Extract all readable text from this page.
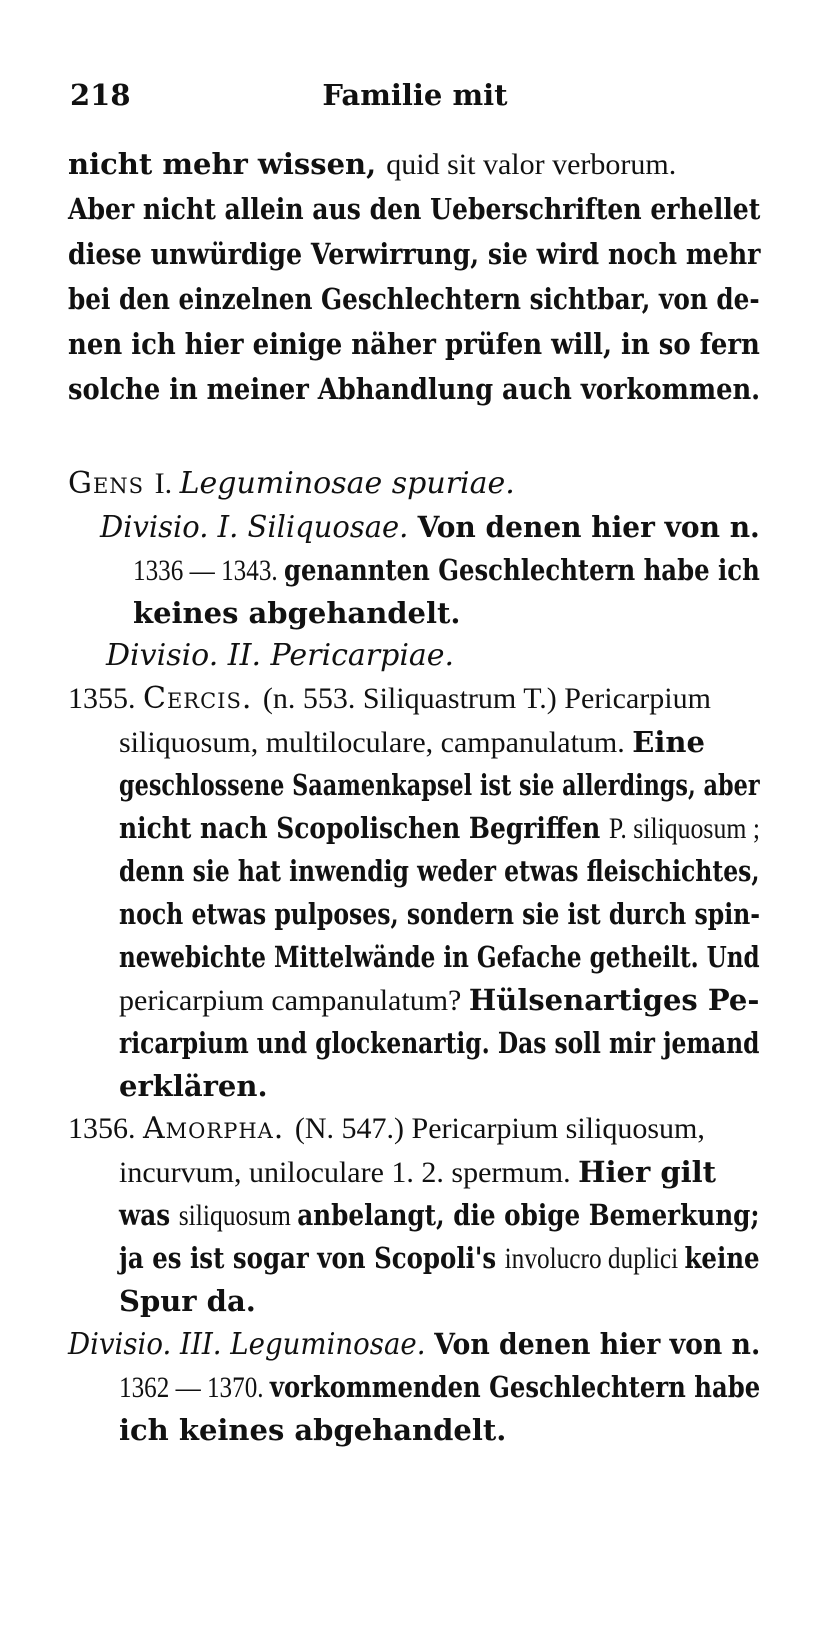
218	Familie mit
nicht mehr wissen, quid sit valor verborum.
Aber nicht allein aus den Ueberschriften erhellet
diese unwürdige Verwirrung, sie wird noch mehr
bei den einzelnen Geschlechtern sichtbar, von de-
nen ich hier einige näher prüfen will, in so fern
solche in meiner Abhandlung auch vorkommen.
Gens I. Leguminosae spuriae.
Divisio. I. Siliquosae. Von denen hier von n.
1336 — 1343. genannten Geschlechtern habe ich
keines abgehandelt.
Divisio. II. Pericarpiae.
1355. Cercis. (n. 553. Siliquastrum T.) Pericarpium
siliquosum, multiloculare, campanulatum. Eine
geschlossene Saamenkapsel ist sie allerdings, aber
nicht nach Scopolischen Begriffen P. siliquosum ;
denn sie hat inwendig weder etwas fleischichtes,
noch etwas pulposes, sondern sie ist durch spin-
newebichte Mittelwände in Gefache getheilt. Und
pericarpium campanulatum? Hülsenartiges Pe-
ricarpium und glockenartig. Das soll mir jemand
erklären.
1356. Amorpha. (N. 547.) Pericarpium siliquosum,
incurvum, uniloculare 1. 2. spermum. Hier gilt
was siliquosum anbelangt, die obige Bemerkung;
ja es ist sogar von Scopoli's involucro duplici keine
Spur da.
Divisio. III. Leguminosae. Von denen hier von n.
1362 — 1370. vorkommenden Geschlechtern habe
ich keines abgehandelt.
